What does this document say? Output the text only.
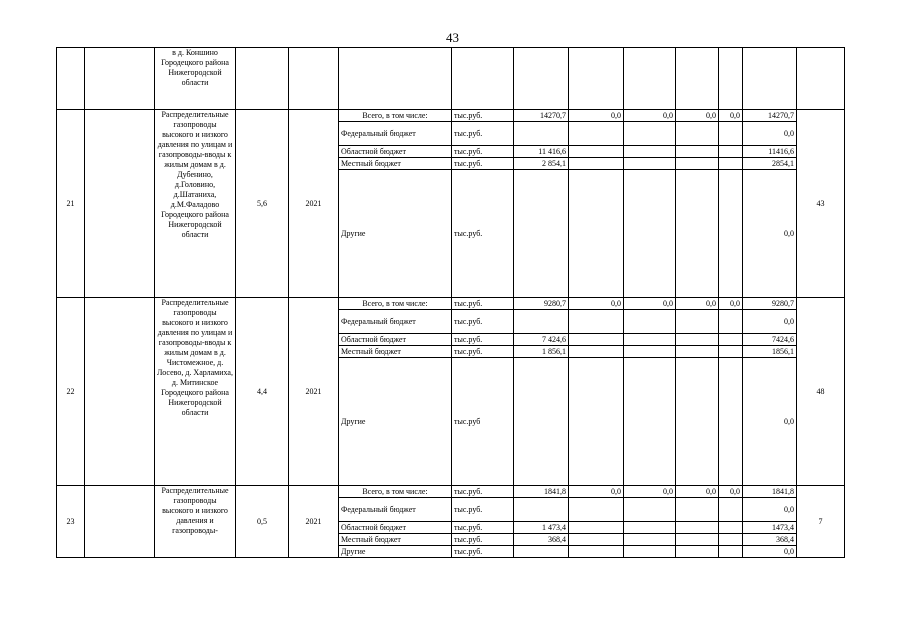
43
		в д. Коншино Городецкого района Нижегородской области											
21		Распределительные газопроводы высокого и низкого давления по улицам и газопроводы-вводы к жилым домам в д. Дубенино, д.Головино, д.Шатаниха, д.М.Фаладово Городецкого района Нижегородской области	5,6	2021	Всего, в том числе:	тыс.руб.	14270,7	0,0	0,0	0,0	0,0	14270,7	43
					Федеральный бюджет	тыс.руб.						0,0	
					Областной бюджет	тыс.руб.	11 416,6					11416,6	
					Местный бюджет	тыс.руб.	2 854,1					2854,1	
					Другие	тыс.руб.						0,0	
22		Распределительные газопроводы высокого и низкого давления по улицам и газопроводы-вводы к жилым домам в д. Чистомежное, д. Лосево, д. Харламиха, д. Митинское Городецкого района Нижегородской области	4,4	2021	Всего, в том числе:	тыс.руб.	9280,7	0,0	0,0	0,0	0,0	9280,7	48
					Федеральный бюджет	тыс.руб.						0,0	
					Областной бюджет	тыс.руб.	7 424,6					7424,6	
					Местный бюджет	тыс.руб.	1 856,1					1856,1	
					Другие	тыс.руб						0,0	
23		Распределительные газопроводы высокого и низкого давления и газопроводы-	0,5	2021	Всего, в том числе:	тыс.руб.	1841,8	0,0	0,0	0,0	0,0	1841,8	7
					Федеральный бюджет	тыс.руб.						0,0	
					Областной бюджет	тыс.руб.	1 473,4					1473,4	
					Местный бюджет	тыс.руб.	368,4					368,4	
					Другие	тыс.руб.						0,0	
